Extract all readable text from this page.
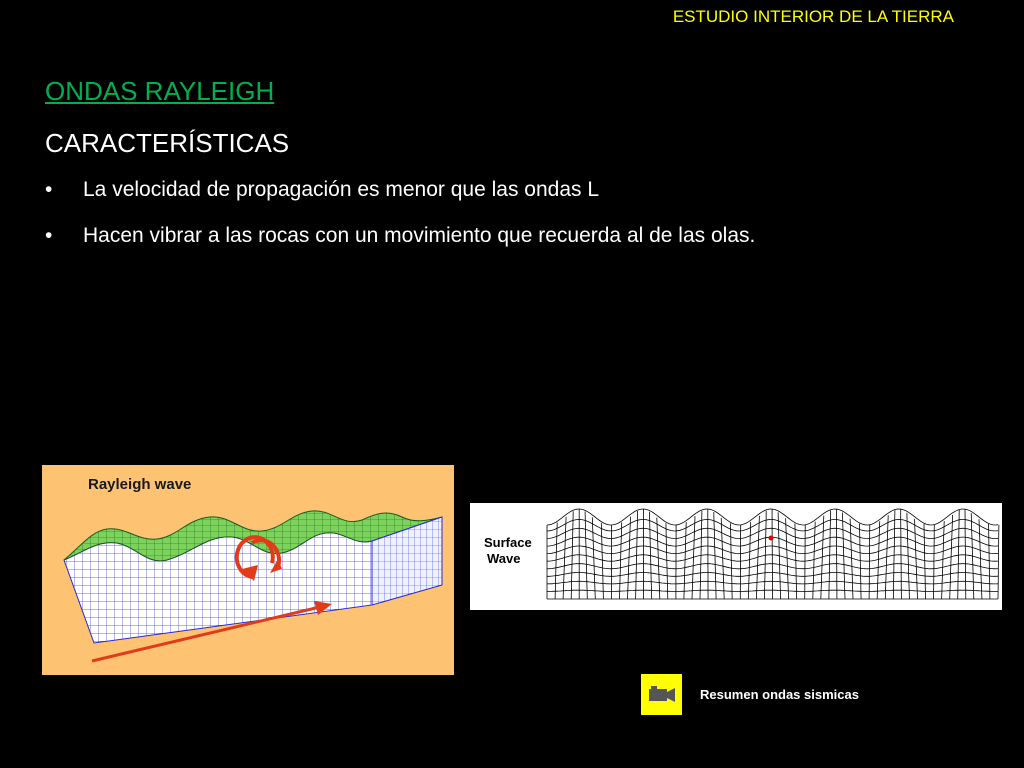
ESTUDIO INTERIOR DE LA TIERRA
ONDAS RAYLEIGH
CARACTERÍSTICAS
• La velocidad de propagación es menor que las ondas L
• Hacen vibrar a las rocas con un movimiento que recuerda al de las olas.
Rayleigh wave
Surface
Wave
Resumen ondas sismicas
